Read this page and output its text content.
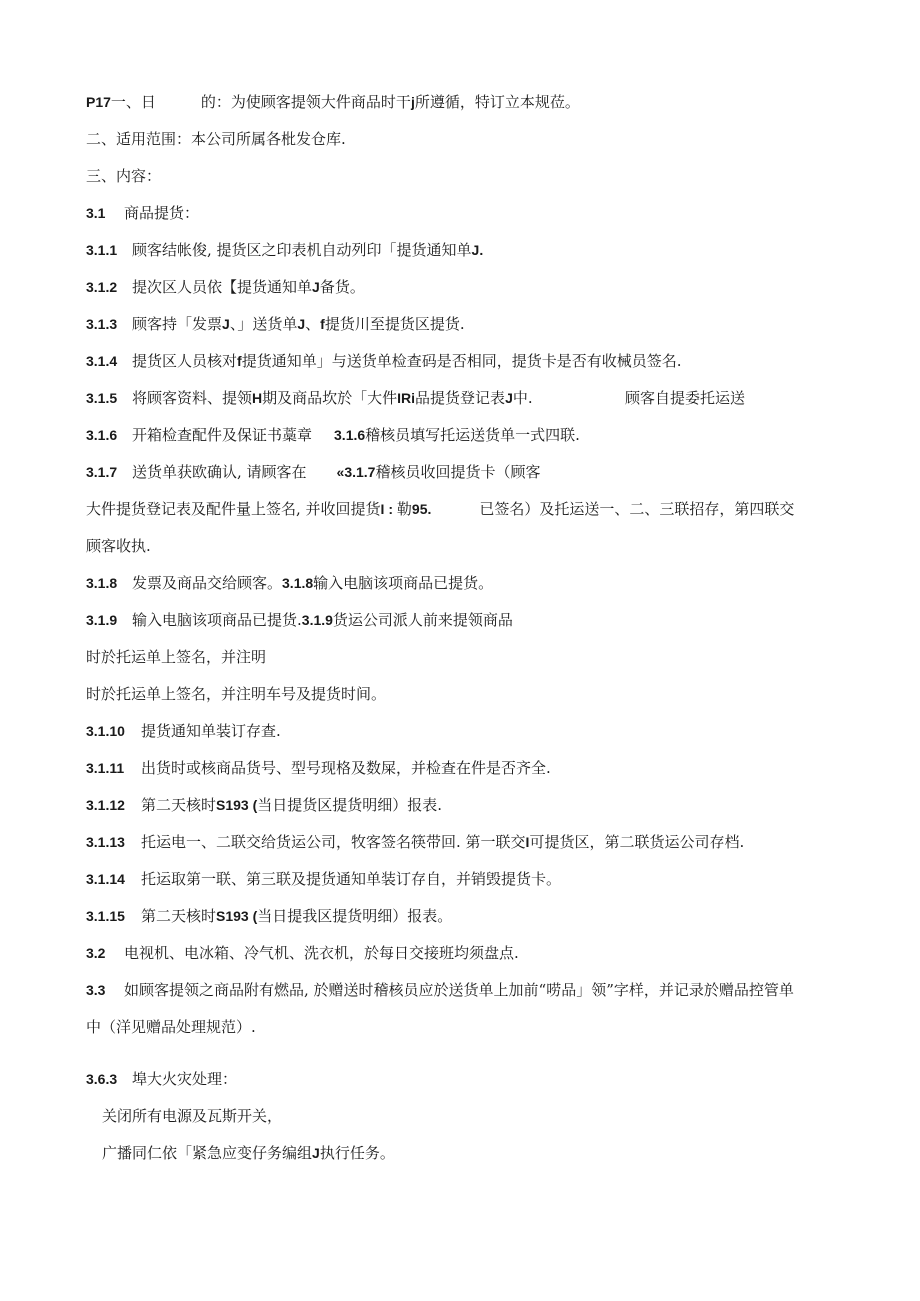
P17一、日　　　的：为使顾客提领大件商品时干j所遵循，特订立本规莅。
二、适用范围：本公司所属各枇发仓库.
三、内容：
3.1 商品提货：
3.1.1 顾客结帐俊, 提货区之印表机自动列印「提货通知单J.
3.1.2 提次区人员依【提货通知单J备货。
3.1.3 顾客持「发票J、」送货单J、f提货川至提货区提货.
3.1.4 提货区人员核对f提货通知单」与送货单检查码是否相同，提货卡是否有收械员签名.
3.1.5 将顾客资料、提领H期及商品坎於「大件IRi品提货登记表J中.	顾客自提委托运送
3.1.6 开箱检查配件及保证书藁章 3.1.6稽核员填写托运送货单一式四联.
3.1.7 送货单获欧确认, 请顾客在 «3.1.7稽核员收回提货卡（顾客
大件提货登记表及配件量上签名, 并收回提货I : 勒95.	已签名）及托运送一、二、三联招存，第四联交
顾客收执.
3.1.8 发票及商品交给顾客。3.1.8输入电脑该项商品已提货。
3.1.9 输入电脑该项商品已提货.3.1.9货运公司派人前来提领商品
时於托运单上签名，并注明
时於托运单上签名，并注明车号及提货时间。
3.1.10 提货通知单装订存查.
3.1.11 出货时或核商品货号、型号现格及数屎，并检查在件是否齐全.
3.1.12 第二天核时S193 (当日提货区提货明细）报表.
3.1.13 托运电一、二联交给货运公司，牧客签名筷带回. 第一联交I可提货区，第二联货运公司存档.
3.1.14 托运取第一联、第三联及提货通知单装订存自，并销毁提货卡。
3.1.15 第二天核时S193 (当日提我区提货明细）报表。
3.2 电视机、电冰箱、冷气机、洗衣机，於每日交接班均须盘点.
3.3 如顾客提领之商品附有燃品, 於赠送时稽核员应於送货单上加前“唠品」领”字样，并记录於赠品控管单
中（洋见赠品处理规范）.
3.6.3 埠大火灾处理：
关闭所有电源及瓦斯开关，
广播同仁依「紧急应变仔务编组J执行任务。
